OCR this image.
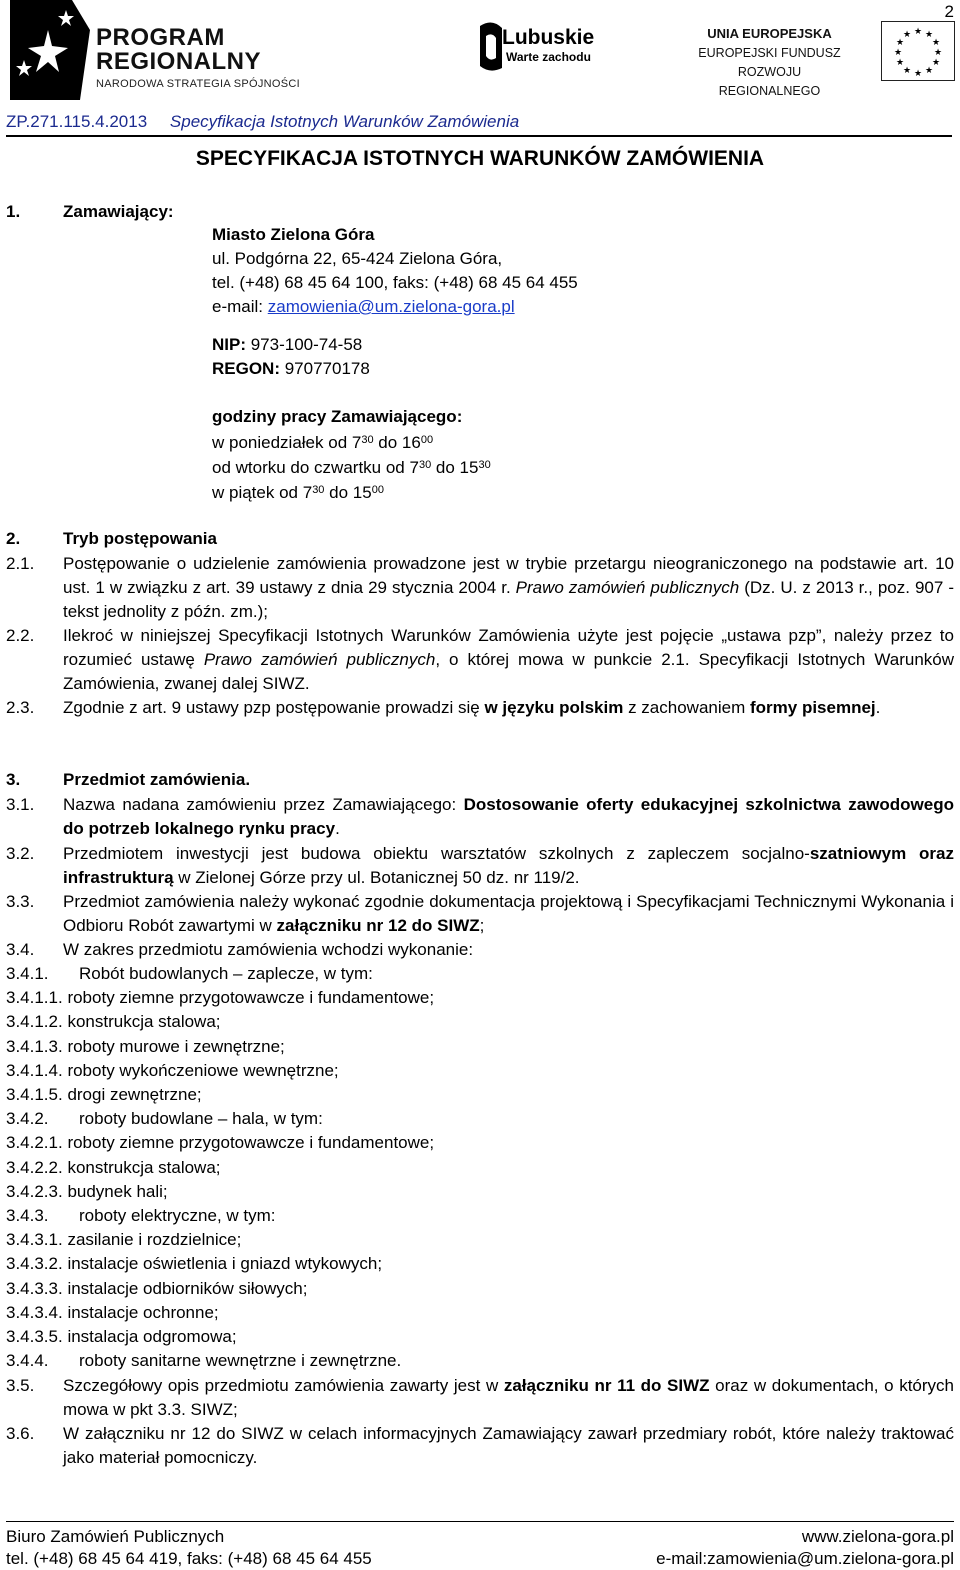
2
PROGRAM
REGIONALNY
NARODOWA STRATEGIA SPÓJNOŚCI
Lubuskie
Warte zachodu
UNIA EUROPEJSKA
EUROPEJSKI FUNDUSZ
ROZWOJU REGIONALNEGO
★ ★
★
★
★
★
★
★
★
★
★
★
ZP.271.115.4.2013 Specyfikacja Istotnych Warunków Zamówienia
SPECYFIKACJA ISTOTNYCH WARUNKÓW ZAMÓWIENIA
1.	Zamawiający:
Miasto Zielona Góra
ul. Podgórna 22, 65-424 Zielona Góra,
tel. (+48) 68 45 64 100, faks: (+48) 68 45 64 455
e-mail: zamowienia@um.zielona-gora.pl
NIP: 973-100-74-58
REGON: 970770178
godziny pracy Zamawiającego:
w poniedziałek od $7^{30}$ do $16^{00}$
od wtorku do czwartku od $7^{30}$ do $15^{30}$
w piątek od $7^{30}$ do $15^{00}$
2.	Tryb postępowania
2.1. Postępowanie o udzielenie zamówienia prowadzone jest w trybie przetargu nieograniczonego na podstawie art. 10 ust. 1 w związku z art. 39 ustawy z dnia 29 stycznia 2004 r. Prawo zamówień publicznych (Dz. U. z 2013 r., poz. 907 - tekst jednolity z późn. zm.);
2.2. Ilekroć w niniejszej Specyfikacji Istotnych Warunków Zamówienia użyte jest pojęcie „ustawa pzp”, należy przez to rozumieć ustawę Prawo zamówień publicznych, o której mowa w punkcie 2.1. Specyfikacji Istotnych Warunków Zamówienia, zwanej dalej SIWZ.
2.3. Zgodnie z art. 9 ustawy pzp postępowanie prowadzi się w języku polskim z zachowaniem formy pisemnej.
3.	Przedmiot zamówienia.
3.1. Nazwa nadana zamówieniu przez Zamawiającego: Dostosowanie oferty edukacyjnej szkolnictwa zawodowego do potrzeb lokalnego rynku pracy.
3.2. Przedmiotem inwestycji jest budowa obiektu warsztatów szkolnych z zapleczem socjalno-szatniowym oraz infrastrukturą w Zielonej Górze przy ul. Botanicznej 50 dz. nr 119/2.
3.3. Przedmiot zamówienia należy wykonać zgodnie dokumentacja projektową i Specyfikacjami Technicznymi Wykonania i Odbioru Robót zawartymi w załączniku nr 12 do SIWZ;
3.4. W zakres przedmiotu zamówienia wchodzi wykonanie:
3.4.1. Robót budowlanych – zaplecze, w tym:
3.4.1.1. roboty ziemne przygotowawcze i fundamentowe;
3.4.1.2. konstrukcja stalowa;
3.4.1.3. roboty murowe i zewnętrzne;
3.4.1.4. roboty wykończeniowe wewnętrzne;
3.4.1.5. drogi zewnętrzne;
3.4.2. roboty budowlane – hala, w tym:
3.4.2.1. roboty ziemne przygotowawcze i fundamentowe;
3.4.2.2. konstrukcja stalowa;
3.4.2.3. budynek hali;
3.4.3. roboty elektryczne, w tym:
3.4.3.1. zasilanie i rozdzielnice;
3.4.3.2. instalacje oświetlenia i gniazd wtykowych;
3.4.3.3. instalacje odbiorników siłowych;
3.4.3.4. instalacje ochronne;
3.4.3.5. instalacja odgromowa;
3.4.4. roboty sanitarne wewnętrzne i zewnętrzne.
3.5. Szczegółowy opis przedmiotu zamówienia zawarty jest w załączniku nr 11 do SIWZ oraz w dokumentach, o których mowa w pkt 3.3. SIWZ;
3.6. W załączniku nr 12 do SIWZ w celach informacyjnych Zamawiający zawarł przedmiary robót, które należy traktować jako materiał pomocniczy.
Biuro Zamówień Publicznych
tel. (+48) 68 45 64 419, faks: (+48) 68 45 64 455
www.zielona-gora.pl
e-mail:zamowienia@um.zielona-gora.pl
